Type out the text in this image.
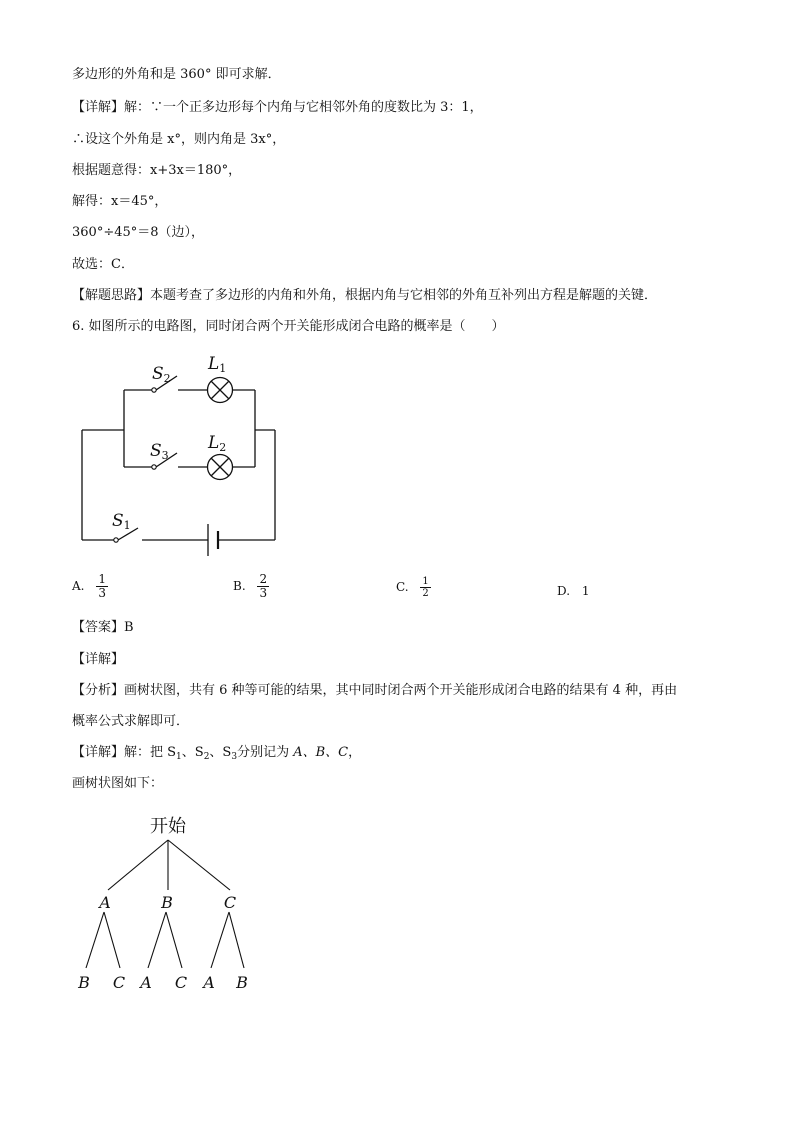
多边形的外角和是 360° 即可求解．
【详解】解：∵一个正多边形每个内角与它相邻外角的度数比为 3：1，
∴设这个外角是 x°，则内角是 3x°，
根据题意得：x+3x＝180°，
解得：x＝45°，
360°÷45°＝8（边），
故选：C．
【解题思路】本题考查了多边形的内角和外角，根据内角与它相邻的外角互补列出方程是解题的关键．
6. 如图所示的电路图，同时闭合两个开关能形成闭合电路的概率是（　　）
S2
L1
S3
L2
S1
A. $\frac{1}{3}$	B. $\frac{2}{3}$	C. $\frac{1}{2}$	D. 1
【答案】B
【详解】
【分析】画树状图，共有 6 种等可能的结果，其中同时闭合两个开关能形成闭合电路的结果有 4 种，再由
概率公式求解即可．
【详解】解：把 $S_1$、$S_2$、$S_3$分别记为 A、B、C，
画树状图如下：
开始
A	B	C
B C A C A B
